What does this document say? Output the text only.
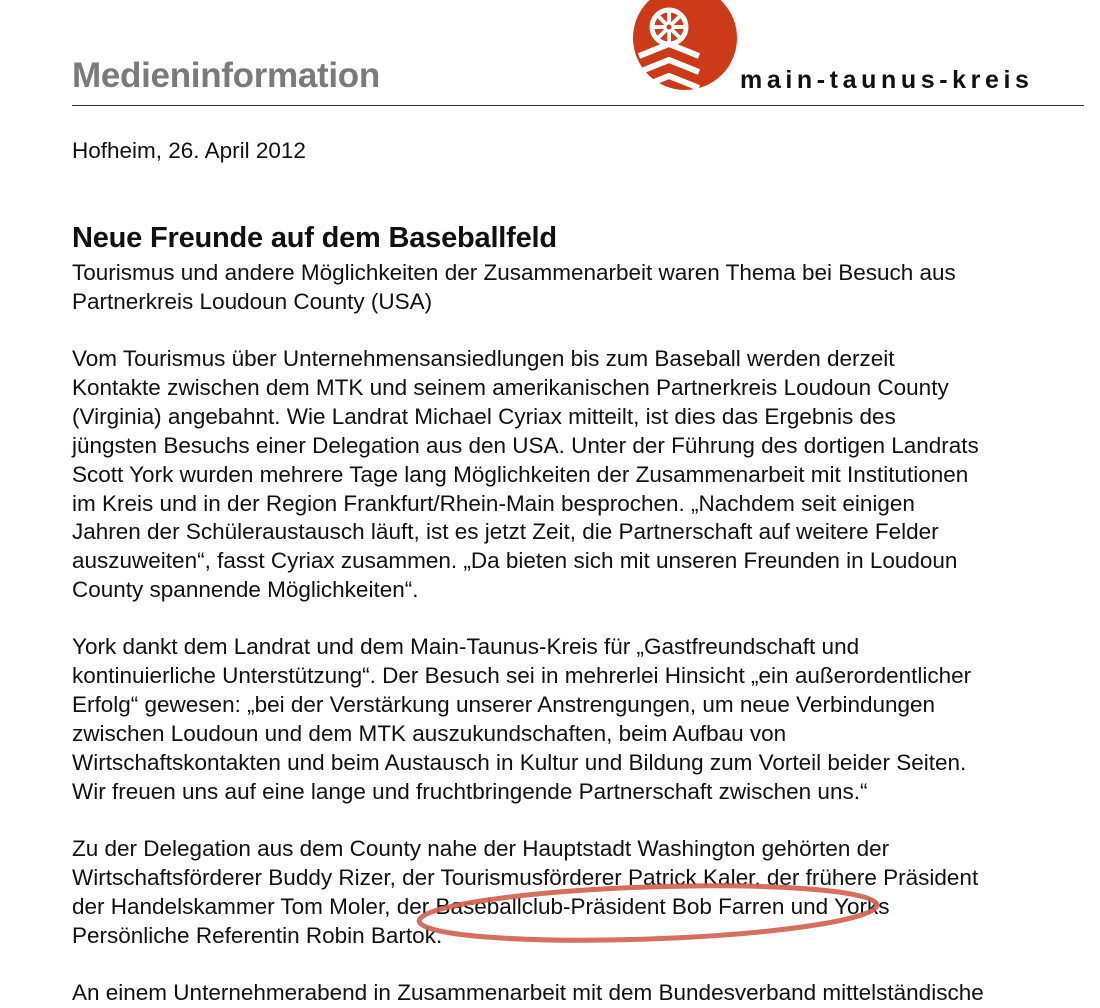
Medieninformation	main-taunus-kreis

Hofheim, 26. April 2012

Neue Freunde auf dem Baseballfeld

Tourismus und andere Möglichkeiten der Zusammenarbeit waren Thema bei Besuch aus
Partnerkreis Loudoun County (USA)

Vom Tourismus über Unternehmensansiedlungen bis zum Baseball werden derzeit
Kontakte zwischen dem MTK und seinem amerikanischen Partnerkreis Loudoun County
(Virginia) angebahnt. Wie Landrat Michael Cyriax mitteilt, ist dies das Ergebnis des
jüngsten Besuchs einer Delegation aus den USA. Unter der Führung des dortigen Landrats
Scott York wurden mehrere Tage lang Möglichkeiten der Zusammenarbeit mit Institutionen
im Kreis und in der Region Frankfurt/Rhein-Main besprochen. „Nachdem seit einigen
Jahren der Schüleraustausch läuft, ist es jetzt Zeit, die Partnerschaft auf weitere Felder
auszuweiten“, fasst Cyriax zusammen. „Da bieten sich mit unseren Freunden in Loudoun
County spannende Möglichkeiten“.

York dankt dem Landrat und dem Main-Taunus-Kreis für „Gastfreundschaft und
kontinuierliche Unterstützung“. Der Besuch sei in mehrerlei Hinsicht „ein außerordentlicher
Erfolg“ gewesen: „bei der Verstärkung unserer Anstrengungen, um neue Verbindungen
zwischen Loudoun und dem MTK auszukundschaften, beim Aufbau von
Wirtschaftskontakten und beim Austausch in Kultur und Bildung zum Vorteil beider Seiten.
Wir freuen uns auf eine lange und fruchtbringende Partnerschaft zwischen uns.“

Zu der Delegation aus dem County nahe der Hauptstadt Washington gehörten der
Wirtschaftsförderer Buddy Rizer, der Tourismusförderer Patrick Kaler, der frühere Präsident
der Handelskammer Tom Moler, der Baseballclub-Präsident Bob Farren und Yorks
Persönliche Referentin Robin Bartok.

An einem Unternehmerabend in Zusammenarbeit mit dem Bundesverband mittelständische
